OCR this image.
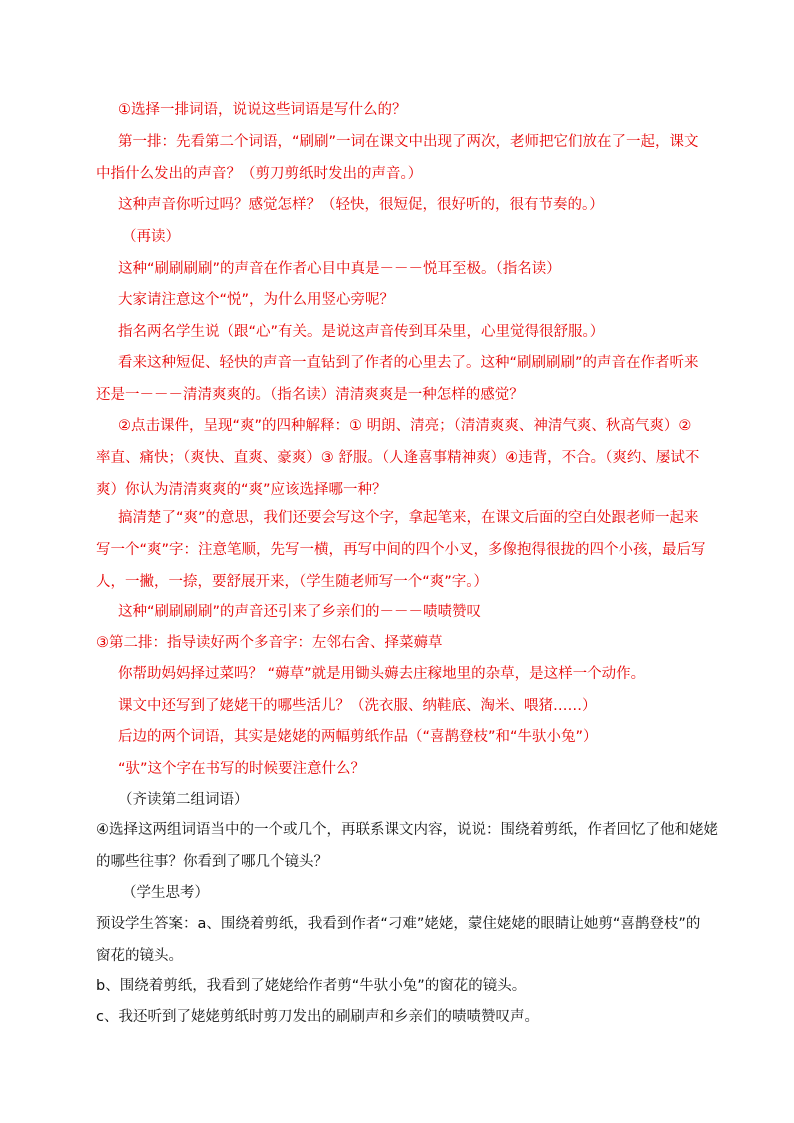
①选择一排词语，说说这些词语是写什么的？

第一排：先看第二个词语，“刷刷”一词在课文中出现了两次，老师把它们放在了一起，课文
中指什么发出的声音？（剪刀剪纸时发出的声音。）

这种声音你听过吗？感觉怎样？（轻快，很短促，很好听的，很有节奏的。）

（再读）

这种“刷刷刷刷”的声音在作者心目中真是－－－悦耳至极。（指名读）

大家请注意这个“悦”，为什么用竖心旁呢？

指名两名学生说（跟“心”有关。是说这声音传到耳朵里，心里觉得很舒服。）

看来这种短促、轻快的声音一直钻到了作者的心里去了。这种“刷刷刷刷”的声音在作者听来
还是一－－－清清爽爽的。（指名读）清清爽爽是一种怎样的感觉？

②点击课件，呈现“爽”的四种解释：① 明朗、清亮；（清清爽爽、神清气爽、秋高气爽）②
率直、痛快；（爽快、直爽、豪爽）③ 舒服。（人逢喜事精神爽）④违背，不合。（爽约、屡试不
爽）你认为清清爽爽的“爽”应该选择哪一种？

搞清楚了“爽”的意思，我们还要会写这个字，拿起笔来，在课文后面的空白处跟老师一起来
写一个“爽”字：注意笔顺，先写一横，再写中间的四个小叉，多像抱得很拢的四个小孩，最后写
人，一撇，一捺，要舒展开来，（学生随老师写一个“爽”字。）

这种“刷刷刷刷”的声音还引来了乡亲们的－－－啧啧赞叹

③第二排：指导读好两个多音字：左邻右舍、择菜薅草

你帮助妈妈择过菜吗？ “薅草”就是用锄头薅去庄稼地里的杂草，是这样一个动作。

课文中还写到了姥姥干的哪些活儿？（洗衣服、纳鞋底、淘米、喂猪……）

后边的两个词语，其实是姥姥的两幅剪纸作品（“喜鹊登枝”和“牛驮小兔”）

“驮”这个字在书写的时候要注意什么？

（齐读第二组词语）

④选择这两组词语当中的一个或几个，再联系课文内容，说说：围绕着剪纸，作者回忆了他和姥姥
的哪些往事？你看到了哪几个镜头？

（学生思考）

预设学生答案：a、围绕着剪纸，我看到作者“刁难”姥姥，蒙住姥姥的眼睛让她剪“喜鹊登枝”的
窗花的镜头。

b、围绕着剪纸，我看到了姥姥给作者剪“牛驮小兔”的窗花的镜头。

c、我还听到了姥姥剪纸时剪刀发出的刷刷声和乡亲们的啧啧赞叹声。
